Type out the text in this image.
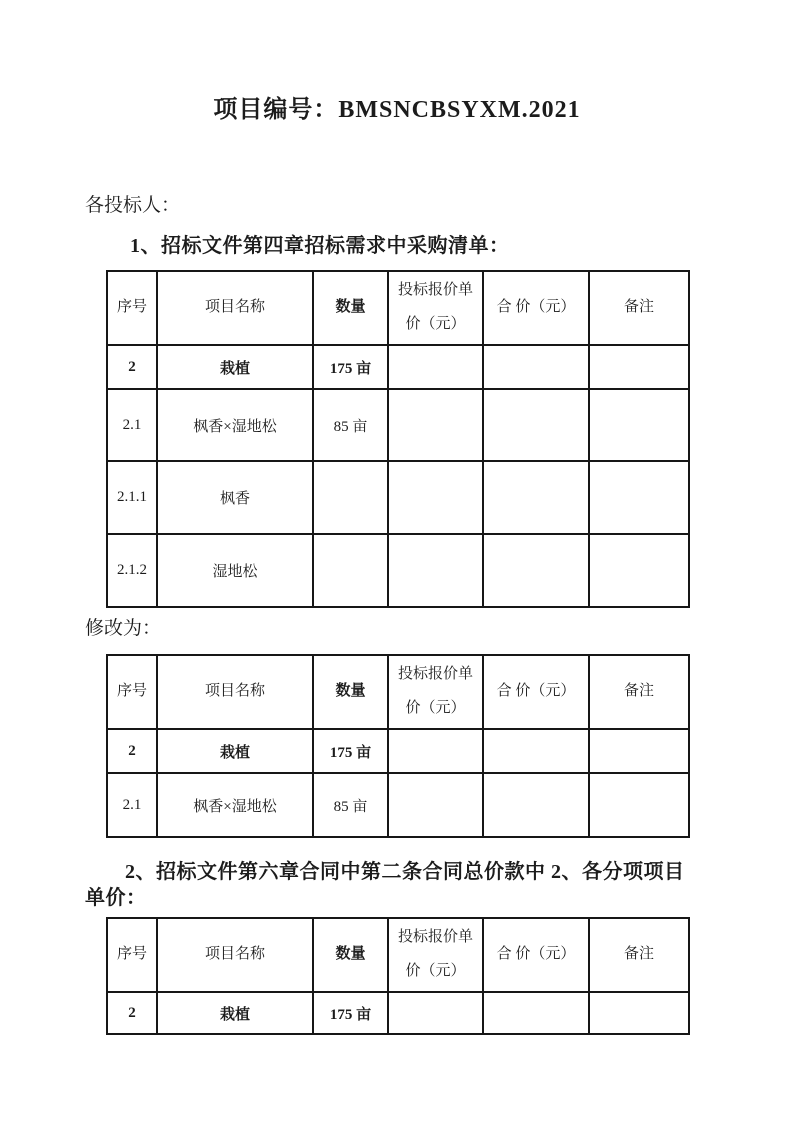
项目编号：BMSNCBSYXM.2021
各投标人：
1、招标文件第四章招标需求中采购清单：
序号	项目名称	数量	投标报价单价（元）	合 价（元）	备注
2	栽植	175 亩			
2.1	枫香×湿地松	85 亩			
2.1.1	枫香				
2.1.2	湿地松				
修改为：
序号	项目名称	数量	投标报价单价（元）	合 价（元）	备注
2	栽植	175 亩			
2.1	枫香×湿地松	85 亩			
2、招标文件第六章合同中第二条合同总价款中 2、各分项项目
单价：
序号	项目名称	数量	投标报价单价（元）	合 价（元）	备注
2	栽植	175 亩			
